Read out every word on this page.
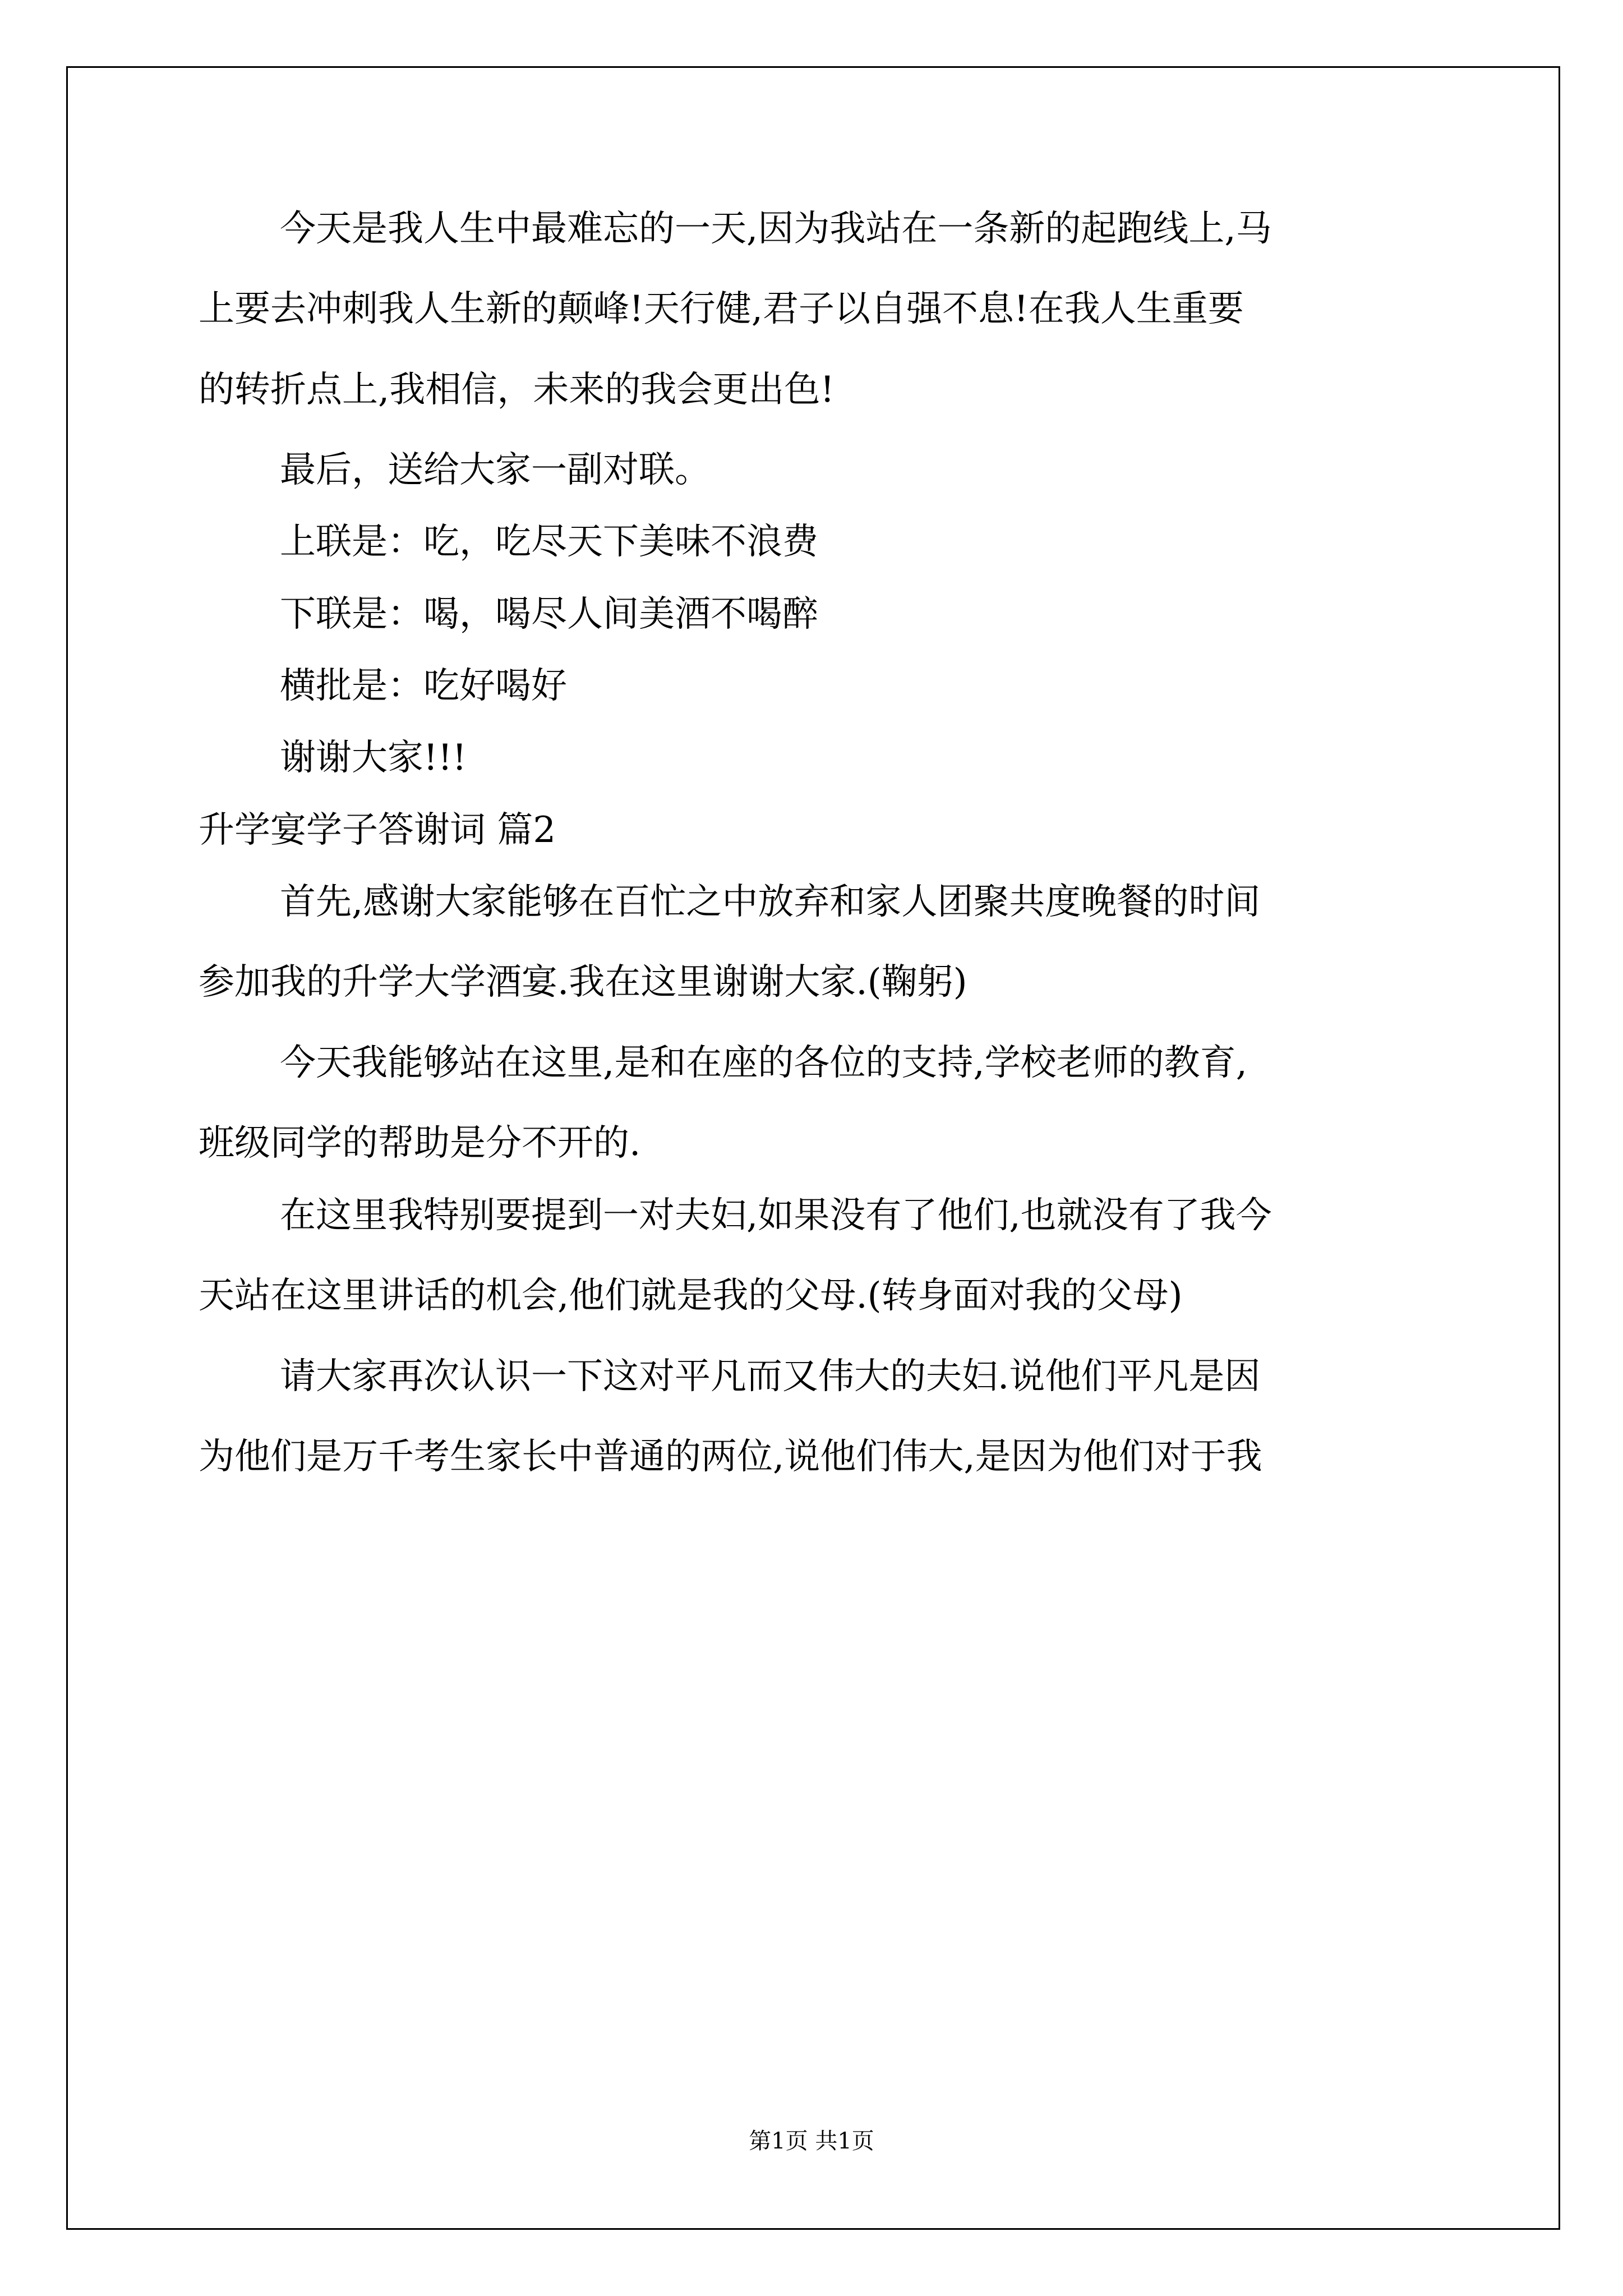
今天是我人生中最难忘的一天,因为我站在一条新的起跑线上,马
上要去冲刺我人生新的颠峰!天行健,君子以自强不息!在我人生重要
的转折点上,我相信，未来的我会更出色!
最后，送给大家一副对联。
上联是：吃，吃尽天下美味不浪费
下联是：喝，喝尽人间美酒不喝醉
横批是：吃好喝好
谢谢大家!!!
升学宴学子答谢词 篇2
首先,感谢大家能够在百忙之中放弃和家人团聚共度晚餐的时间
参加我的升学大学酒宴.我在这里谢谢大家.(鞠躬)
今天我能够站在这里,是和在座的各位的支持,学校老师的教育,
班级同学的帮助是分不开的.
在这里我特别要提到一对夫妇,如果没有了他们,也就没有了我今
天站在这里讲话的机会,他们就是我的父母.(转身面对我的父母)
请大家再次认识一下这对平凡而又伟大的夫妇.说他们平凡是因
为他们是万千考生家长中普通的两位,说他们伟大,是因为他们对于我
第1页 共1页
